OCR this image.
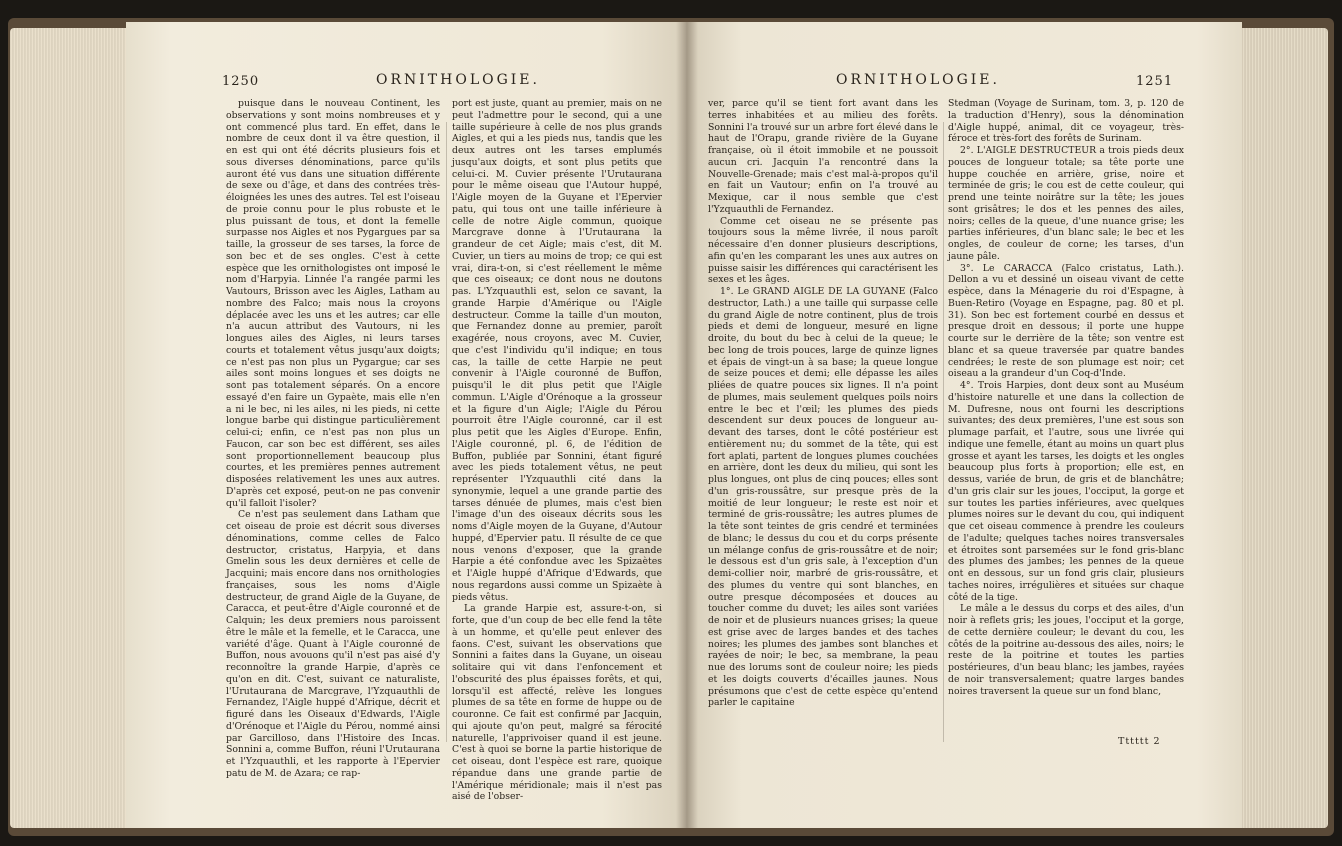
1250	ORNITHOLOGIE.

puisque dans le nouveau Continent, les observations y sont moins nombreuses et y ont commencé plus tard. En effet, dans le nombre de ceux dont il va être question, il en est qui ont été décrits plusieurs fois et sous diverses dénominations, parce qu'ils auront été vus dans une situation différente de sexe ou d'âge, et dans des contrées très-éloignées les unes des autres. Tel est l'oiseau de proie connu pour le plus robuste et le plus puissant de tous, et dont la femelle surpasse nos Aigles et nos Pygargues par sa taille, la grosseur de ses tarses, la force de son bec et de ses ongles. C'est à cette espèce que les ornithologistes ont imposé le nom d'Harpyia. Linnée l'a rangée parmi les Vautours, Brisson avec les Aigles, Latham au nombre des Falco; mais nous la croyons déplacée avec les uns et les autres; car elle n'a aucun attribut des Vautours, ni les longues ailes des Aigles, ni leurs tarses courts et totalement vêtus jusqu'aux doigts; ce n'est pas non plus un Pygargue; car ses ailes sont moins longues et ses doigts ne sont pas totalement séparés. On a encore essayé d'en faire un Gypaète, mais elle n'en a ni le bec, ni les ailes, ni les pieds, ni cette longue barbe qui distingue particulièrement celui-ci; enfin, ce n'est pas non plus un Faucon, car son bec est différent, ses ailes sont proportionnellement beaucoup plus courtes, et les premières pennes autrement disposées relativement les unes aux autres. D'après cet exposé, peut-on ne pas convenir qu'il falloit l'isoler?

Ce n'est pas seulement dans Latham que cet oiseau de proie est décrit sous diverses dénominations, comme celles de Falco destructor, cristatus, Harpyia, et dans Gmelin sous les deux dernières et celle de Jacquini; mais encore dans nos ornithologies françaises, sous les noms d'Aigle destructeur, de grand Aigle de la Guyane, de Caracca, et peut-être d'Aigle couronné et de Calquin; les deux premiers nous paroissent être le mâle et la femelle, et le Caracca, une variété d'âge. Quant à l'Aigle couronné de Buffon, nous avouons qu'il n'est pas aisé d'y reconnoître la grande Harpie, d'après ce qu'on en dit. C'est, suivant ce naturaliste, l'Urutaurana de Marcgrave, l'Yzquauthli de Fernandez, l'Aigle huppé d'Afrique, décrit et figuré dans les Oiseaux d'Edwards, l'Aigle d'Orénoque et l'Aigle du Pérou, nommé ainsi par Garcilloso, dans l'Histoire des Incas. Sonnini a, comme Buffon, réuni l'Urutaurana et l'Yzquauthli, et les rapporte à l'Epervier patu de M. de Azara; ce rap-

port est juste, quant au premier, mais on ne peut l'admettre pour le second, qui a une taille supérieure à celle de nos plus grands Aigles, et qui a les pieds nus, tandis que les deux autres ont les tarses emplumés jusqu'aux doigts, et sont plus petits que celui-ci. M. Cuvier présente l'Urutaurana pour le même oiseau que l'Autour huppé, l'Aigle moyen de la Guyane et l'Epervier patu, qui tous ont une taille inférieure à celle de notre Aigle commun, quoique Marcgrave donne à l'Urutaurana la grandeur de cet Aigle; mais c'est, dit M. Cuvier, un tiers au moins de trop; ce qui est vrai, dira-t-on, si c'est réellement le même que ces oiseaux; ce dont nous ne doutons pas. L'Yzquauthli est, selon ce savant, la grande Harpie d'Amérique ou l'Aigle destructeur. Comme la taille d'un mouton, que Fernandez donne au premier, paroît exagérée, nous croyons, avec M. Cuvier, que c'est l'individu qu'il indique; en tous cas, la taille de cette Harpie ne peut convenir à l'Aigle couronné de Buffon, puisqu'il le dit plus petit que l'Aigle commun. L'Aigle d'Orénoque a la grosseur et la figure d'un Aigle; l'Aigle du Pérou pourroit être l'Aigle couronné, car il est plus petit que les Aigles d'Europe. Enfin, l'Aigle couronné, pl. 6, de l'édition de Buffon, publiée par Sonnini, étant figuré avec les pieds totalement vêtus, ne peut représenter l'Yzquauthli cité dans la synonymie, lequel a une grande partie des tarses dénuée de plumes, mais c'est bien l'image d'un des oiseaux décrits sous les noms d'Aigle moyen de la Guyane, d'Autour huppé, d'Epervier patu. Il résulte de ce que nous venons d'exposer, que la grande Harpie a été confondue avec les Spizaètes et l'Aigle huppé d'Afrique d'Edwards, que nous regardons aussi comme un Spizaète à pieds vêtus.

La grande Harpie est, assure-t-on, si forte, que d'un coup de bec elle fend la tête à un homme, et qu'elle peut enlever des faons. C'est, suivant les observations que Sonnini a faites dans la Guyane, un oiseau solitaire qui vit dans l'enfoncement et l'obscurité des plus épaisses forêts, et qui, lorsqu'il est affecté, relève les longues plumes de sa tête en forme de huppe ou de couronne. Ce fait est confirmé par Jacquin, qui ajoute qu'on peut, malgré sa férocité naturelle, l'apprivoiser quand il est jeune. C'est à quoi se borne la partie historique de cet oiseau, dont l'espèce est rare, quoique répandue dans une grande partie de l'Amérique méridionale; mais il n'est pas aisé de l'obser-

ORNITHOLOGIE.	1251

ver, parce qu'il se tient fort avant dans les terres inhabitées et au milieu des forêts. Sonnini l'a trouvé sur un arbre fort élevé dans le haut de l'Orapu, grande rivière de la Guyane française, où il étoit immobile et ne poussoit aucun cri. Jacquin l'a rencontré dans la Nouvelle-Grenade; mais c'est mal-à-propos qu'il en fait un Vautour; enfin on l'a trouvé au Mexique, car il nous semble que c'est l'Yzquauthli de Fernandez.

Comme cet oiseau ne se présente pas toujours sous la même livrée, il nous paroît nécessaire d'en donner plusieurs descriptions, afin qu'en les comparant les unes aux autres on puisse saisir les différences qui caractérisent les sexes et les âges.

1°. Le GRAND AIGLE DE LA GUYANE (Falco destructor, Lath.) a une taille qui surpasse celle du grand Aigle de notre continent, plus de trois pieds et demi de longueur, mesuré en ligne droite, du bout du bec à celui de la queue; le bec long de trois pouces, large de quinze lignes et épais de vingt-un à sa base; la queue longue de seize pouces et demi; elle dépasse les ailes pliées de quatre pouces six lignes. Il n'a point de plumes, mais seulement quelques poils noirs entre le bec et l'œil; les plumes des pieds descendent sur deux pouces de longueur au-devant des tarses, dont le côté postérieur est entièrement nu; du sommet de la tête, qui est fort aplati, partent de longues plumes couchées en arrière, dont les deux du milieu, qui sont les plus longues, ont plus de cinq pouces; elles sont d'un gris-roussâtre, sur presque près de la moitié de leur longueur; le reste est noir et terminé de gris-roussâtre; les autres plumes de la tête sont teintes de gris cendré et terminées de blanc; le dessus du cou et du corps présente un mélange confus de gris-roussâtre et de noir; le dessous est d'un gris sale, à l'exception d'un demi-collier noir, marbré de gris-roussâtre, et des plumes du ventre qui sont blanches, en outre presque décomposées et douces au toucher comme du duvet; les ailes sont variées de noir et de plusieurs nuances grises; la queue est grise avec de larges bandes et des taches noires; les plumes des jambes sont blanches et rayées de noir; le bec, sa membrane, la peau nue des lorums sont de couleur noire; les pieds et les doigts couverts d'écailles jaunes. Nous présumons que c'est de cette espèce qu'entend parler le capitaine

Stedman (Voyage de Surinam, tom. 3, p. 120 de la traduction d'Henry), sous la dénomination d'Aigle huppé, animal, dit ce voyageur, très-féroce et très-fort des forêts de Surinam.

2°. L'AIGLE DESTRUCTEUR a trois pieds deux pouces de longueur totale; sa tête porte une huppe couchée en arrière, grise, noire et terminée de gris; le cou est de cette couleur, qui prend une teinte noirâtre sur la tête; les joues sont grisâtres; le dos et les pennes des ailes, noirs; celles de la queue, d'une nuance grise; les parties inférieures, d'un blanc sale; le bec et les ongles, de couleur de corne; les tarses, d'un jaune pâle.

3°. Le CARACCA (Falco cristatus, Lath.). Dellon a vu et dessiné un oiseau vivant de cette espèce, dans la Ménagerie du roi d'Espagne, à Buen-Retiro (Voyage en Espagne, pag. 80 et pl. 31). Son bec est fortement courbé en dessus et presque droit en dessous; il porte une huppe courte sur le derrière de la tête; son ventre est blanc et sa queue traversée par quatre bandes cendrées; le reste de son plumage est noir; cet oiseau a la grandeur d'un Coq-d'Inde.

4°. Trois Harpies, dont deux sont au Muséum d'histoire naturelle et une dans la collection de M. Dufresne, nous ont fourni les descriptions suivantes; des deux premières, l'une est sous son plumage parfait, et l'autre, sous une livrée qui indique une femelle, étant au moins un quart plus grosse et ayant les tarses, les doigts et les ongles beaucoup plus forts à proportion; elle est, en dessus, variée de brun, de gris et de blanchâtre; d'un gris clair sur les joues, l'occiput, la gorge et sur toutes les parties inférieures, avec quelques plumes noires sur le devant du cou, qui indiquent que cet oiseau commence à prendre les couleurs de l'adulte; quelques taches noires transversales et étroites sont parsemées sur le fond gris-blanc des plumes des jambes; les pennes de la queue ont en dessous, sur un fond gris clair, plusieurs taches noires, irrégulières et situées sur chaque côté de la tige.

Le mâle a le dessus du corps et des ailes, d'un noir à reflets gris; les joues, l'occiput et la gorge, de cette dernière couleur; le devant du cou, les côtés de la poitrine au-dessous des ailes, noirs; le reste de la poitrine et toutes les parties postérieures, d'un beau blanc; les jambes, rayées de noir transversalement; quatre larges bandes noires traversent la queue sur un fond blanc,

Tttttt 2
